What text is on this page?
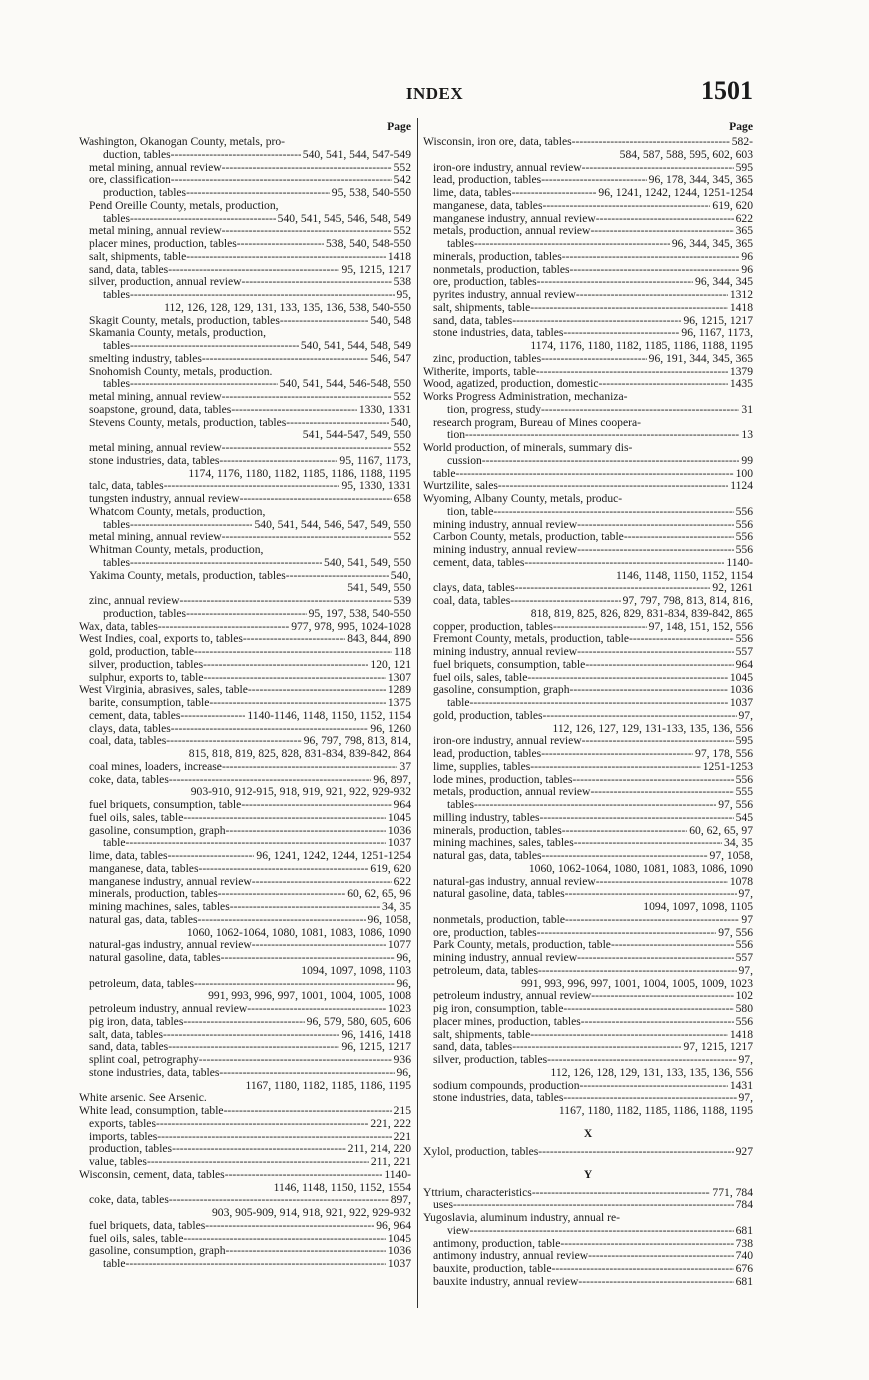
INDEX	1501
Page
Washington, Okanogan County, metals, pro-
duction, tables -----	540, 541, 544, 547-549
metal mining, annual review -----	552
ore, classification -----	542
production, tables -----	95, 538, 540-550
Pend Oreille County, metals, production,
tables -----	540, 541, 545, 546, 548, 549
metal mining, annual review -----	552
placer mines, production, tables -----	538, 540, 548-550
salt, shipments, table -----	1418
sand, data, tables -----	95, 1215, 1217
silver, production, annual review -----	538
tables -----	95,
112, 126, 128, 129, 131, 133, 135, 136, 538, 540-550
Skagit County, metals, production, tables -----	540, 548
Skamania County, metals, production,
tables -----	540, 541, 544, 548, 549
smelting industry, tables -----	546, 547
Snohomish County, metals, production.
tables -----	540, 541, 544, 546-548, 550
metal mining, annual review -----	552
soapstone, ground, data, tables -----	1330, 1331
Stevens County, metals, production, tables -----	540,
541, 544-547, 549, 550
metal mining, annual review -----	552
stone industries, data, tables -----	95, 1167, 1173,
1174, 1176, 1180, 1182, 1185, 1186, 1188, 1195
talc, data, tables -----	95, 1330, 1331
tungsten industry, annual review -----	658
Whatcom County, metals, production,
tables -----	540, 541, 544, 546, 547, 549, 550
metal mining, annual review -----	552
Whitman County, metals, production,
tables -----	540, 541, 549, 550
Yakima County, metals, production, tables -----	540,
541, 549, 550
zinc, annual review -----	539
production, tables -----	95, 197, 538, 540-550
Wax, data, tables -----	977, 978, 995, 1024-1028
West Indies, coal, exports to, tables -----	843, 844, 890
gold, production, table -----	118
silver, production, tables -----	120, 121
sulphur, exports to, table -----	1307
West Virginia, abrasives, sales, table -----	1289
barite, consumption, table -----	1375
cement, data, tables -----	1140-1146, 1148, 1150, 1152, 1154
clays, data, tables -----	96, 1260
coal, data, tables -----	96, 797, 798, 813, 814,
815, 818, 819, 825, 828, 831-834, 839-842, 864
coal mines, loaders, increase -----	37
coke, data, tables -----	96, 897,
903-910, 912-915, 918, 919, 921, 922, 929-932
fuel briquets, consumption, table -----	964
fuel oils, sales, table -----	1045
gasoline, consumption, graph -----	1036
table -----	1037
lime, data, tables -----	96, 1241, 1242, 1244, 1251-1254
manganese, data, tables -----	619, 620
manganese industry, annual review -----	622
minerals, production, tables -----	60, 62, 65, 96
mining machines, sales, tables -----	34, 35
natural gas, data, tables -----	96, 1058,
1060, 1062-1064, 1080, 1081, 1083, 1086, 1090
natural-gas industry, annual review -----	1077
natural gasoline, data, tables -----	96,
1094, 1097, 1098, 1103
petroleum, data, tables -----	96,
991, 993, 996, 997, 1001, 1004, 1005, 1008
petroleum industry, annual review -----	1023
pig iron, data, tables -----	96, 579, 580, 605, 606
salt, data, tables -----	96, 1416, 1418
sand, data, tables -----	96, 1215, 1217
splint coal, petrography -----	936
stone industries, data, tables -----	96,
1167, 1180, 1182, 1185, 1186, 1195
White arsenic. See Arsenic.
White lead, consumption, table -----	215
exports, tables -----	221, 222
imports, tables -----	221
production, tables -----	211, 214, 220
value, tables -----	211, 221
Wisconsin, cement, data, tables -----	1140-
1146, 1148, 1150, 1152, 1554
coke, data, tables -----	897,
903, 905-909, 914, 918, 921, 922, 929-932
fuel briquets, data, tables -----	96, 964
fuel oils, sales, table -----	1045
gasoline, consumption, graph -----	1036
table -----	1037
Page
Wisconsin, iron ore, data, tables -----	582-
584, 587, 588, 595, 602, 603
iron-ore industry, annual review -----	595
lead, production, tables -----	96, 178, 344, 345, 365
lime, data, tables -----	96, 1241, 1242, 1244, 1251-1254
manganese, data, tables -----	619, 620
manganese industry, annual review -----	622
metals, production, annual review -----	365
tables -----	96, 344, 345, 365
minerals, production, tables -----	96
nonmetals, production, tables -----	96
ore, production, tables -----	96, 344, 345
pyrites industry, annual review -----	1312
salt, shipments, table -----	1418
sand, data, tables -----	96, 1215, 1217
stone industries, data, tables -----	96, 1167, 1173,
1174, 1176, 1180, 1182, 1185, 1186, 1188, 1195
zinc, production, tables -----	96, 191, 344, 345, 365
Witherite, imports, table -----	1379
Wood, agatized, production, domestic -----	1435
Works Progress Administration, mechaniza-
tion, progress, study -----	31
research program, Bureau of Mines coopera-
tion -----	13
World production, of minerals, summary dis-
cussion -----	99
table -----	100
Wurtzilite, sales -----	1124
Wyoming, Albany County, metals, produc-
tion, table -----	556
mining industry, annual review -----	556
Carbon County, metals, production, table -----	556
mining industry, annual review -----	556
cement, data, tables -----	1140-
1146, 1148, 1150, 1152, 1154
clays, data, tables -----	92, 1261
coal, data, tables -----	97, 797, 798, 813, 814, 816,
818, 819, 825, 826, 829, 831-834, 839-842, 865
copper, production, tables -----	97, 148, 151, 152, 556
Fremont County, metals, production, table -----	556
mining industry, annual review -----	557
fuel briquets, consumption, table -----	964
fuel oils, sales, table -----	1045
gasoline, consumption, graph -----	1036
table -----	1037
gold, production, tables -----	97,
112, 126, 127, 129, 131-133, 135, 136, 556
iron-ore industry, annual review -----	595
lead, production, tables -----	97, 178, 556
lime, supplies, tables -----	1251-1253
lode mines, production, tables -----	556
metals, production, annual review -----	555
tables -----	97, 556
milling industry, tables -----	545
minerals, production, tables -----	60, 62, 65, 97
mining machines, sales, tables -----	34, 35
natural gas, data, tables -----	97, 1058,
1060, 1062-1064, 1080, 1081, 1083, 1086, 1090
natural-gas industry, annual review -----	1078
natural gasoline, data, tables -----	97,
1094, 1097, 1098, 1105
nonmetals, production, table -----	97
ore, production, tables -----	97, 556
Park County, metals, production, table -----	556
mining industry, annual review -----	557
petroleum, data, tables -----	97,
991, 993, 996, 997, 1001, 1004, 1005, 1009, 1023
petroleum industry, annual review -----	102
pig iron, consumption, table -----	580
placer mines, production, tables -----	556
salt, shipments, table -----	1418
sand, data, tables -----	97, 1215, 1217
silver, production, tables -----	97,
112, 126, 128, 129, 131, 133, 135, 136, 556
sodium compounds, production -----	1431
stone industries, data, tables -----	97,
1167, 1180, 1182, 1185, 1186, 1188, 1195
X
Xylol, production, tables -----	927
Y
Yttrium, characteristics -----	771, 784
uses -----	784
Yugoslavia, aluminum industry, annual re-
view -----	681
antimony, production, table -----	738
antimony industry, annual review -----	740
bauxite, production, table -----	676
bauxite industry, annual review -----	681
